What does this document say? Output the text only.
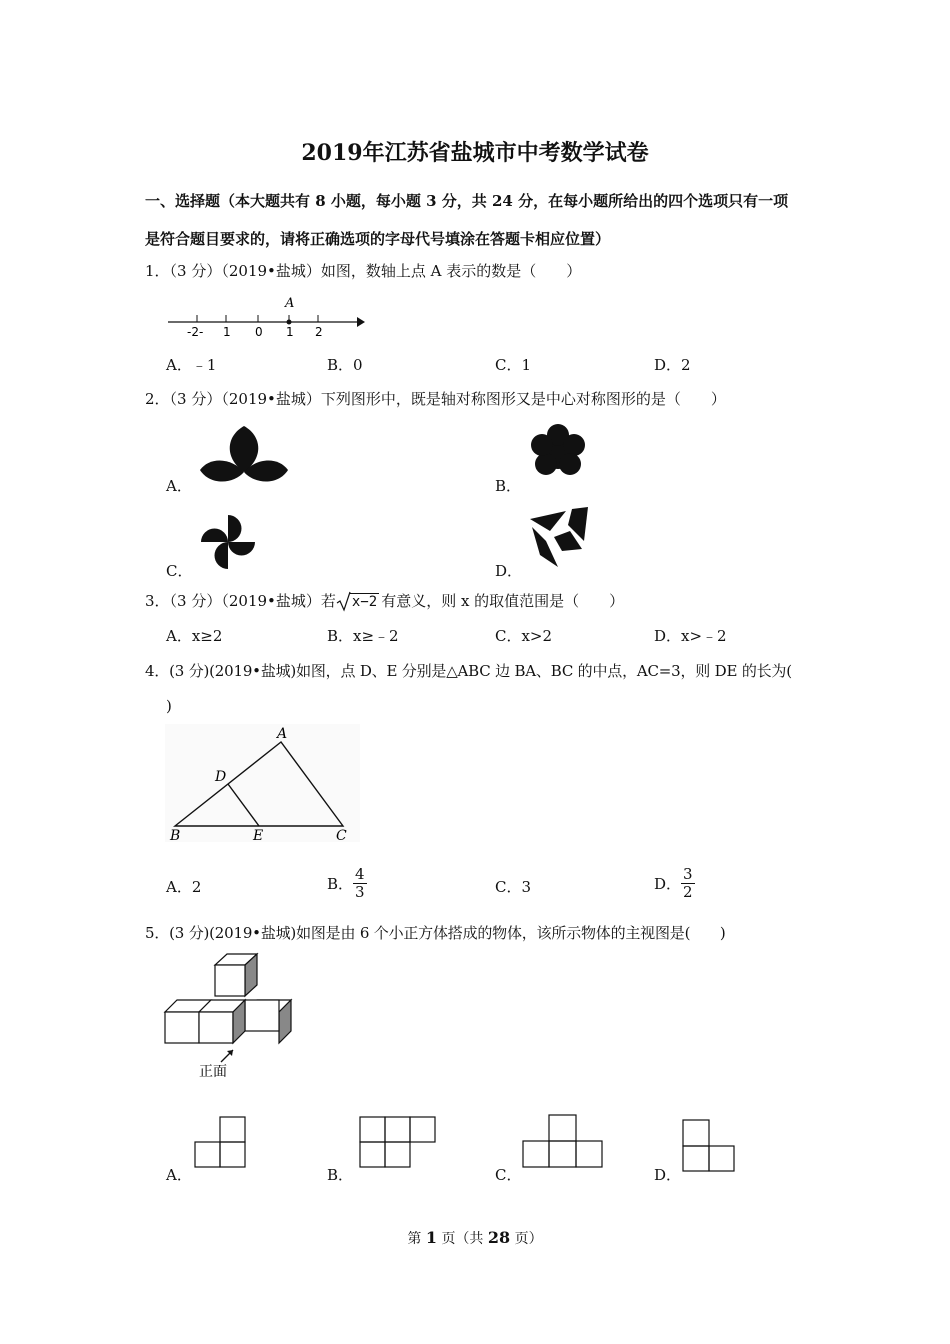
2019年江苏省盐城市中考数学试卷
一、选择题（本大题共有 8 小题，每小题 3 分，共 24 分，在每小题所给出的四个选项只有一项
是符合题目要求的，请将正确选项的字母代号填涂在答题卡相应位置）
1．（3 分）（2019•盐城）如图，数轴上点 A 表示的数是（　　）
A
-2- 1 0 1 2
A．﹣1	B．0	C．1	D．2
2．（3 分）（2019•盐城）下列图形中，既是轴对称图形又是中心对称图形的是（　　）
A．	B．
C．	D．
3．（3 分）（2019•盐城）若 x−2 有意义，则 x 的取值范围是（　　）
A．x≥2	B．x≥﹣2	C．x>2	D．x>﹣2
4．(3 分)(2019•盐城)如图，点 D、E 分别是△ABC 边 BA、BC 的中点，AC=3，则 DE 的长为(
)
A
D
B	E	C
A．2	B． $\frac{4}{3}$	C．3	D． $\frac{3}{2}$
5．(3 分)(2019•盐城)如图是由 6 个小正方体搭成的物体，该所示物体的主视图是(　　)
正面
A．	B．	C．	D．
第 1 页（共 28 页）
